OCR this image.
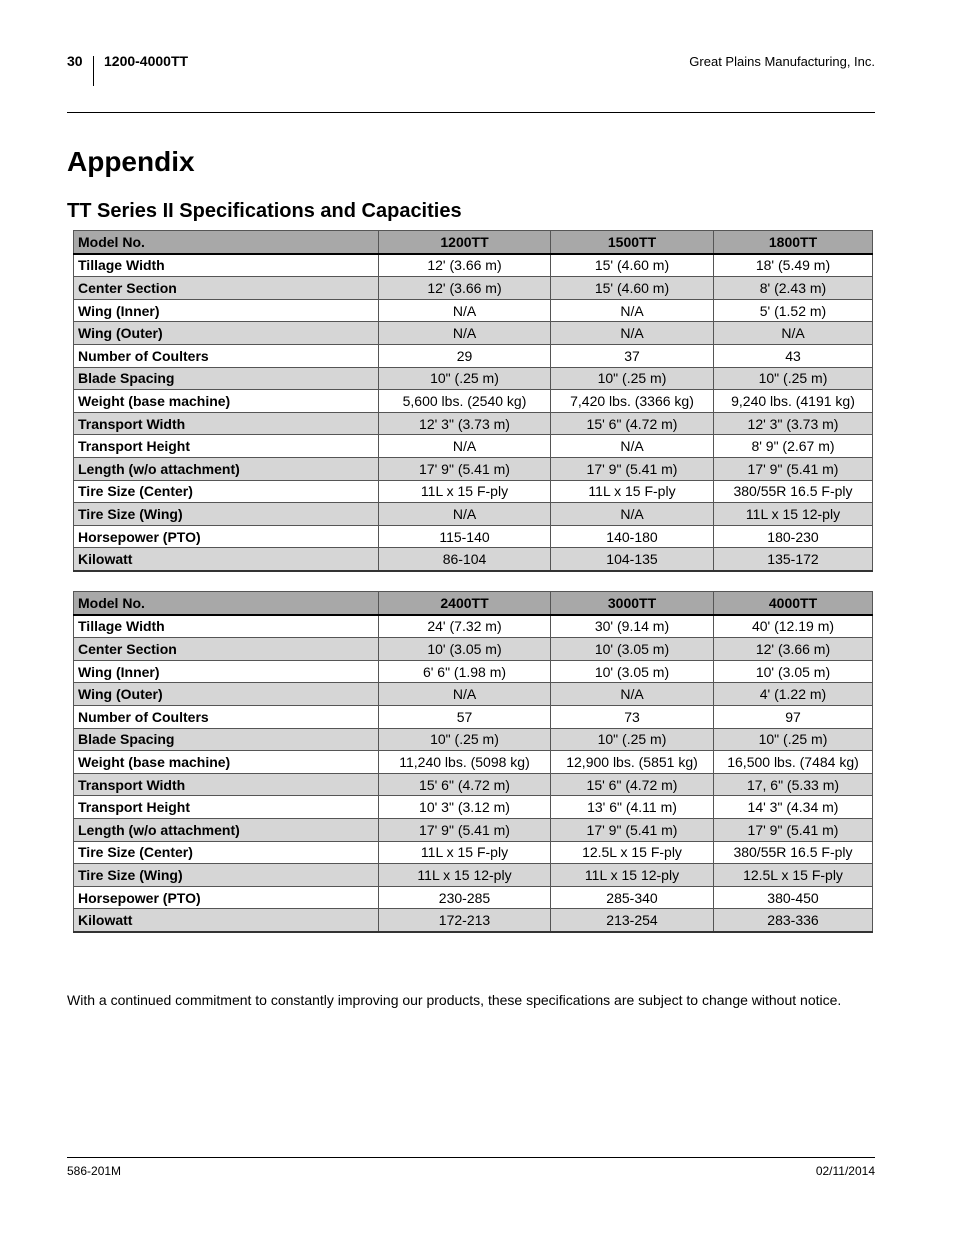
30 1200-4000TT	Great Plains Manufacturing, Inc.
Appendix
TT Series II Specifications and Capacities
Model No.	1200TT	1500TT	1800TT
Tillage Width	12' (3.66 m)	15' (4.60 m)	18' (5.49 m)
Center Section	12' (3.66 m)	15' (4.60 m)	8' (2.43 m)
Wing (Inner)	N/A	N/A	5' (1.52 m)
Wing (Outer)	N/A	N/A	N/A
Number of Coulters	29	37	43
Blade Spacing	10" (.25 m)	10" (.25 m)	10" (.25 m)
Weight (base machine)	5,600 lbs. (2540 kg)	7,420 lbs. (3366 kg)	9,240 lbs. (4191 kg)
Transport Width	12' 3" (3.73 m)	15' 6" (4.72 m)	12' 3" (3.73 m)
Transport Height	N/A	N/A	8' 9" (2.67 m)
Length (w/o attachment)	17' 9" (5.41 m)	17' 9" (5.41 m)	17' 9" (5.41 m)
Tire Size (Center)	11L x 15 F-ply	11L x 15 F-ply	380/55R 16.5 F-ply
Tire Size (Wing)	N/A	N/A	11L x 15 12-ply
Horsepower (PTO)	115-140	140-180	180-230
Kilowatt	86-104	104-135	135-172
Model No.	2400TT	3000TT	4000TT
Tillage Width	24' (7.32 m)	30' (9.14 m)	40' (12.19 m)
Center Section	10' (3.05 m)	10' (3.05 m)	12' (3.66 m)
Wing (Inner)	6' 6" (1.98 m)	10' (3.05 m)	10' (3.05 m)
Wing (Outer)	N/A	N/A	4' (1.22 m)
Number of Coulters	57	73	97
Blade Spacing	10" (.25 m)	10" (.25 m)	10" (.25 m)
Weight (base machine)	11,240 lbs. (5098 kg)	12,900 lbs. (5851 kg)	16,500 lbs. (7484 kg)
Transport Width	15' 6" (4.72 m)	15' 6" (4.72 m)	17, 6" (5.33 m)
Transport Height	10' 3" (3.12 m)	13' 6" (4.11 m)	14' 3" (4.34 m)
Length (w/o attachment)	17' 9" (5.41 m)	17' 9" (5.41 m)	17' 9" (5.41 m)
Tire Size (Center)	11L x 15 F-ply	12.5L x 15 F-ply	380/55R 16.5 F-ply
Tire Size (Wing)	11L x 15 12-ply	11L x 15 12-ply	12.5L x 15 F-ply
Horsepower (PTO)	230-285	285-340	380-450
Kilowatt	172-213	213-254	283-336

With a continued commitment to constantly improving our products, these specifications are subject to change without notice.

586-201M	02/11/2014
